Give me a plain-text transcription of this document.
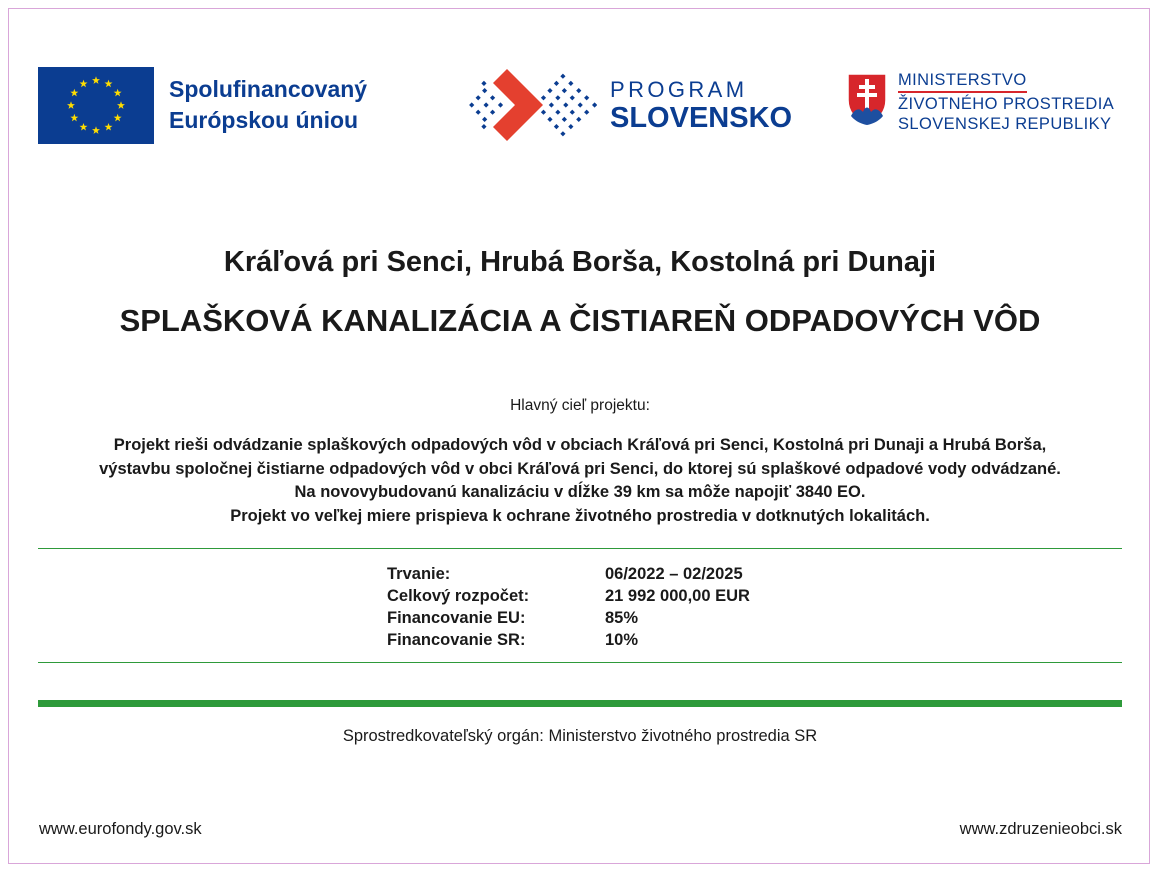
Spolufinancovaný
Európskou úniou
PROGRAM
SLOVENSKO
MINISTERSTVO
ŽIVOTNÉHO PROSTREDIA
SLOVENSKEJ REPUBLIKY
Kráľová pri Senci, Hrubá Borša, Kostolná pri Dunaji
SPLAŠKOVÁ KANALIZÁCIA A ČISTIAREŇ ODPADOVÝCH VÔD
Hlavný cieľ projektu:
Projekt rieši odvádzanie splaškových odpadových vôd v obciach Kráľová pri Senci, Kostolná pri Dunaji a Hrubá Borša,
výstavbu spoločnej čistiarne odpadových vôd v obci Kráľová pri Senci, do ktorej sú splaškové odpadové vody odvádzané.
Na novovybudovanú kanalizáciu v dĺžke 39 km sa môže napojiť 3840 EO.
Projekt vo veľkej miere prispieva k ochrane životného prostredia v dotknutých lokalitách.
Trvanie:	06/2022 – 02/2025
Celkový rozpočet:	21 992 000,00 EUR
Financovanie EU:	85%
Financovanie SR:	10%
Sprostredkovateľský orgán: Ministerstvo životného prostredia SR
www.eurofondy.gov.sk	www.zdruzenieobci.sk
